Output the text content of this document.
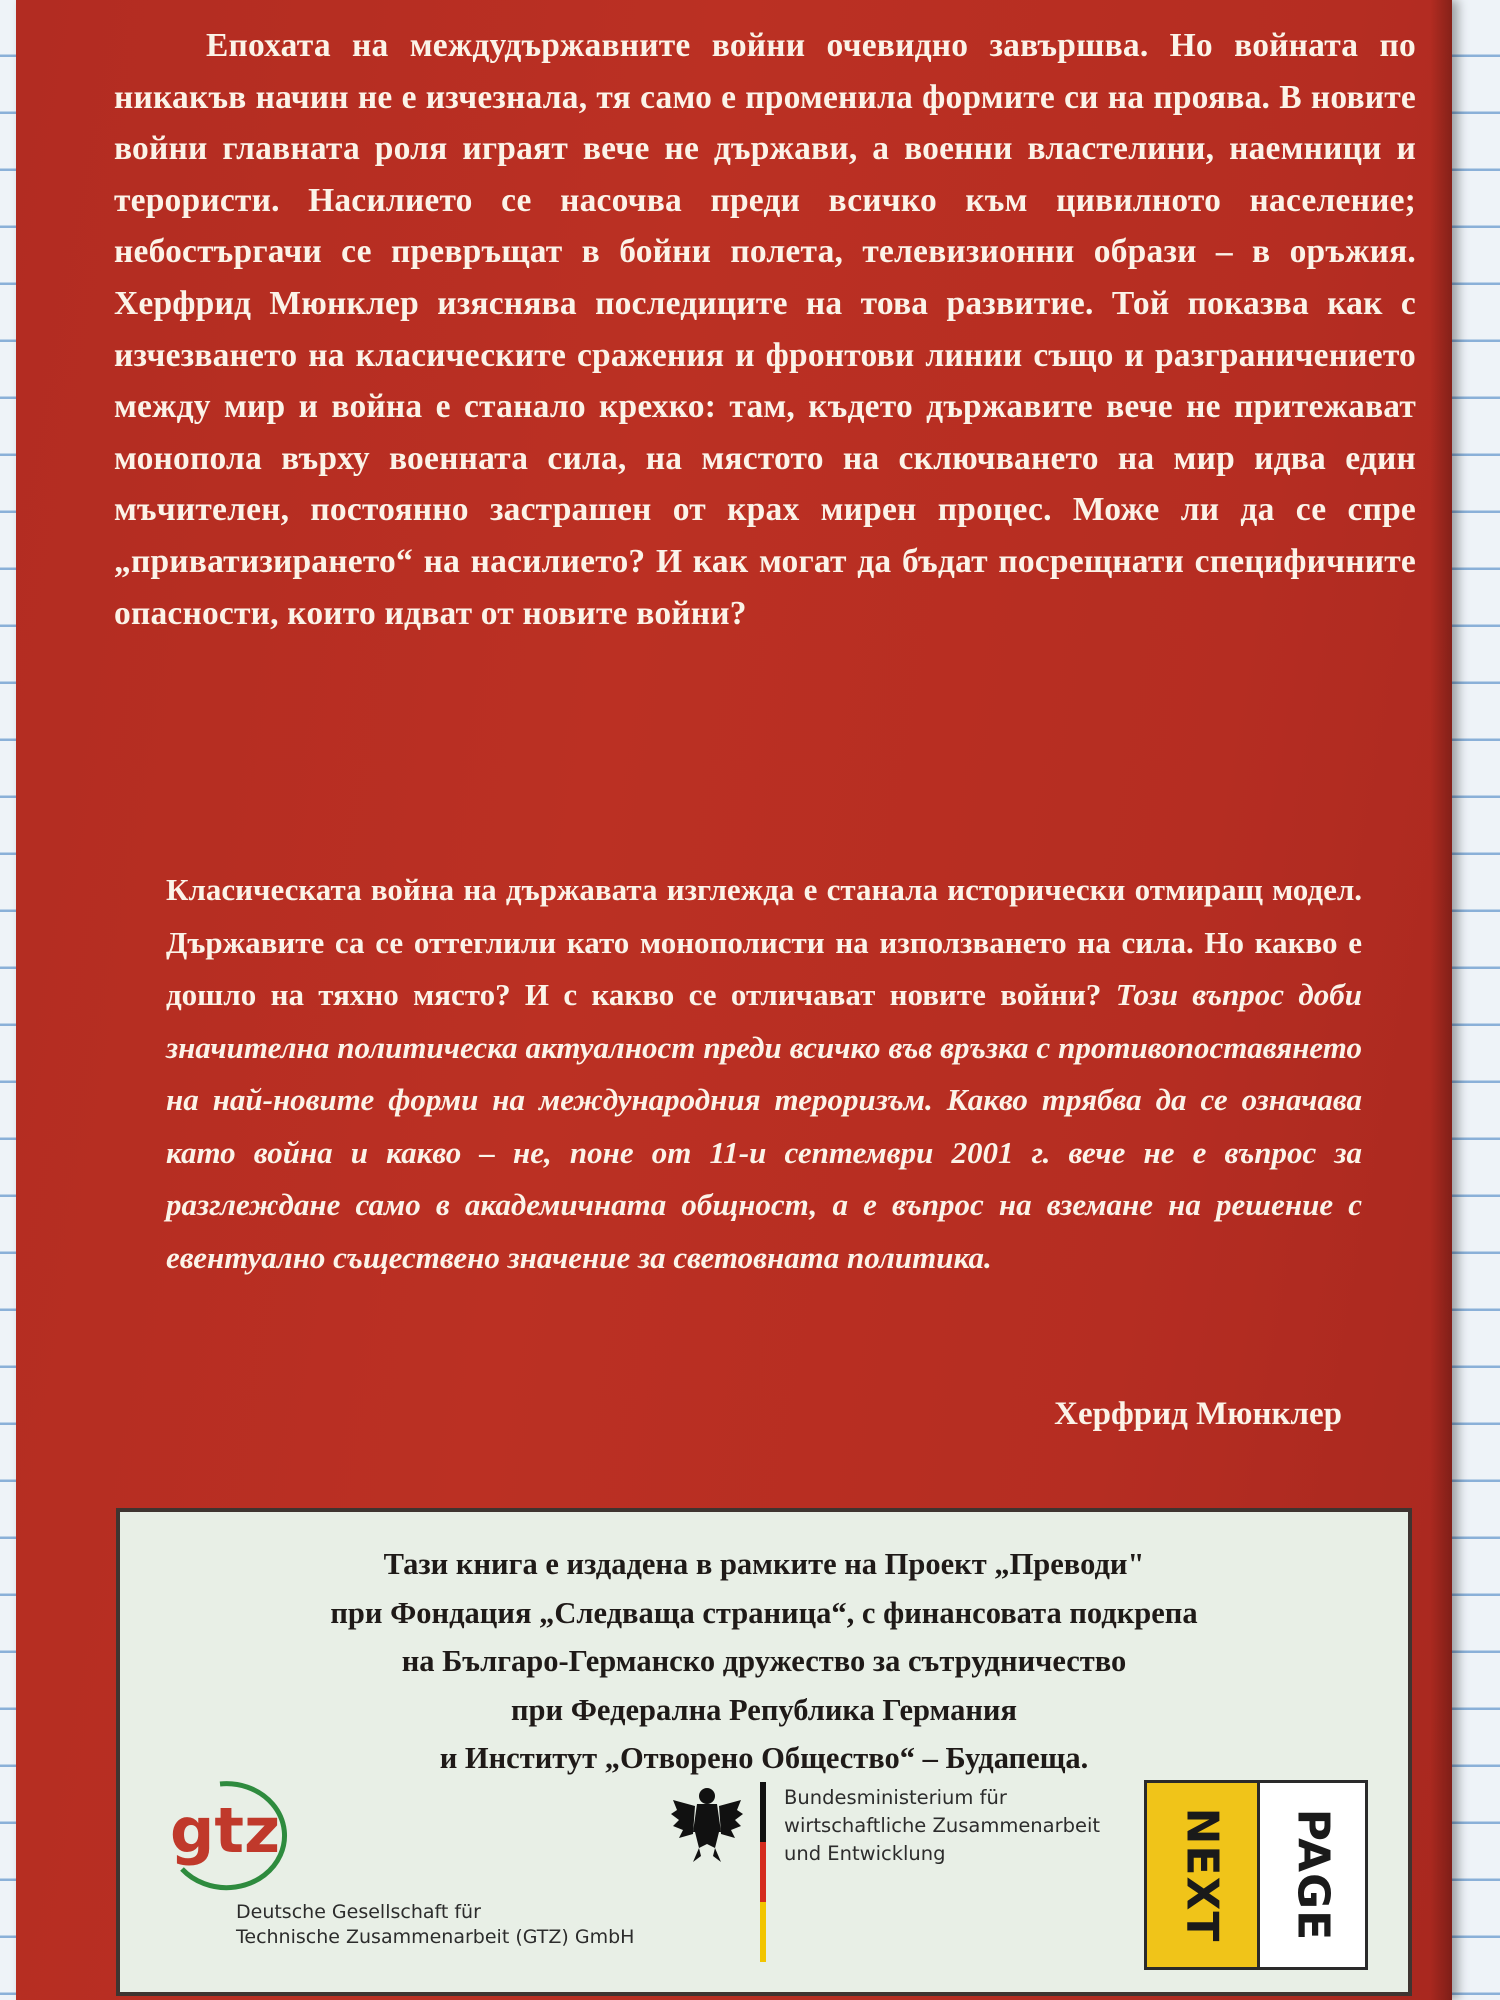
Епохата на междудържавните войни очевидно завършва. Но войната по никакъв начин не е изчезнала, тя само е променила формите си на проява. В новите войни главната роля играят вече не държави, а военни властелини, наемници и терористи. Насилието се насочва преди всичко към цивилното население; небостъргачи се превръщат в бойни полета, телевизионни образи – в оръжия. Херфрид Мюнклер изяснява последиците на това развитие. Той показва как с изчезването на класическите сражения и фронтови линии също и разграничението между мир и война е станало крехко: там, където държавите вече не притежават монопола върху военната сила, на мястото на сключването на мир идва един мъчителен, постоянно застрашен от крах мирен процес. Може ли да се спре „приватизирането“ на насилието? И как могат да бъдат посрещнати специфичните опасности, които идват от новите войни?

Класическата война на държавата изглежда е станала исторически отмиращ модел. Държавите са се оттеглили като монополисти на използването на сила. Но какво е дошло на тяхно място? И с какво се отличават новите войни? Този въпрос доби значителна политическа актуалност преди всичко във връзка с противопоставянето на най-новите форми на международния тероризъм. Какво трябва да се означава като война и какво – не, поне от 11-и септември 2001 г. вече не е въпрос за разглеждане само в академичната общност, а е въпрос на вземане на решение с евентуално съществено значение за световната политика.

Херфрид Мюнклер
Тази книга е издадена в рамките на Проект „Преводи"
при Фондация „Следваща страница“, с финансовата подкрепа
на Българо-Германско дружество за сътрудничество
при Федерална Република Германия
и Институт „Отворено Общество“ – Будапеща.
gtz
Deutsche Gesellschaft für
Technische Zusammenarbeit (GTZ) GmbH
Bundesministerium für
wirtschaftliche Zusammenarbeit
und Entwicklung	NEXT PAGE
